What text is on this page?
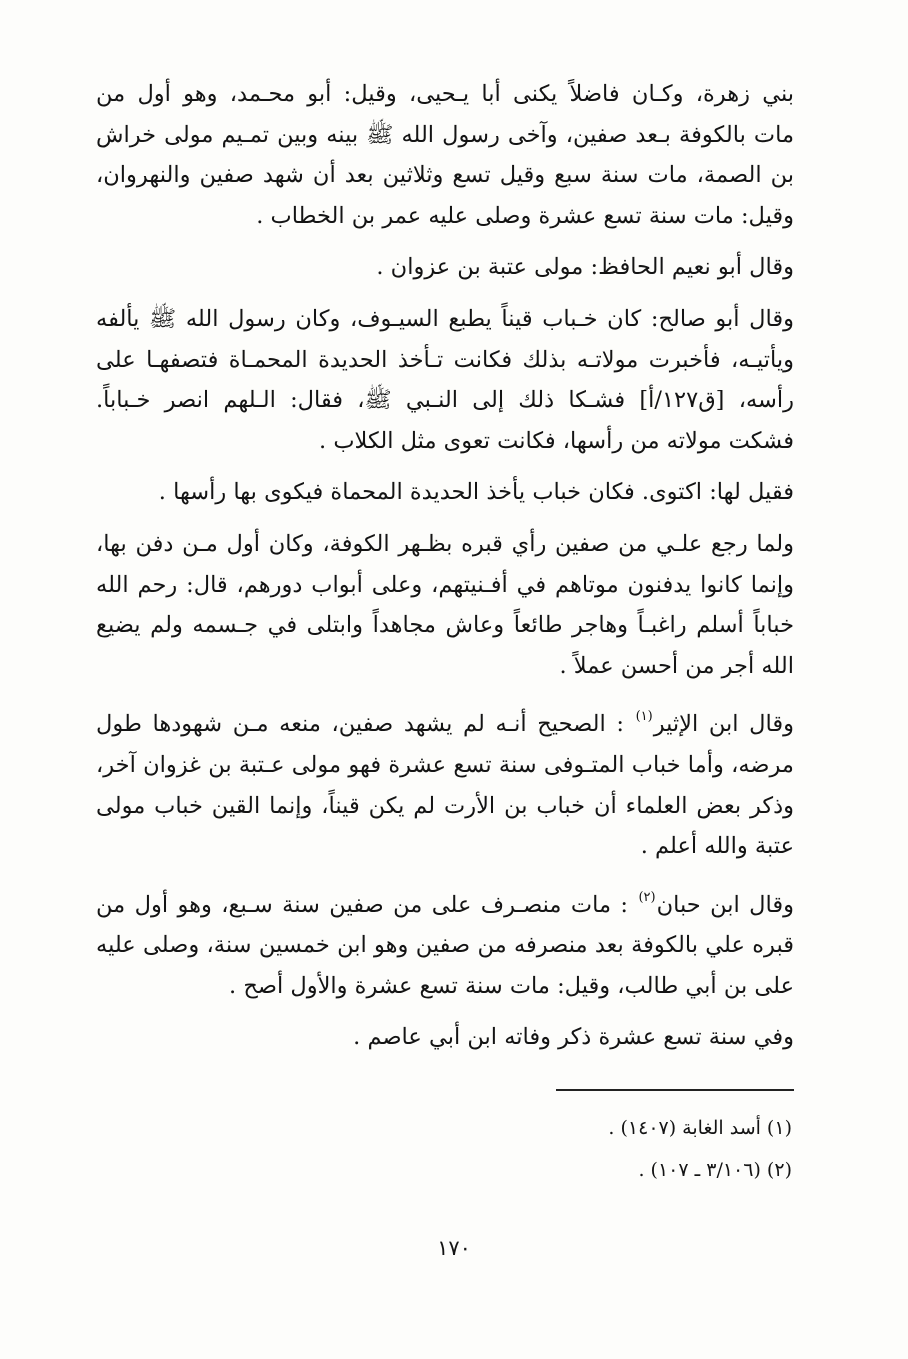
بني زهرة، وكـان فاضلاً يكنى أبا يـحيى، وقيل: أبو محـمد، وهو أول من
مات بالكوفة بـعد صفين، وآخى رسول الله ﷺ بينه وبين تمـيم مولى خراش
بن الصمة، مات سنة سبع وقيل تسع وثلاثين بعد أن شهد صفين والنهروان،
وقيل: مات سنة تسع عشرة وصلى عليه عمر بن الخطاب .

وقال أبو نعيم الحافظ: مولى عتبة بن عزوان .

وقال أبو صالح: كان خـباب قيناً يطبع السيـوف، وكان رسول الله ﷺ يألفه
ويأتيـه، فأخبرت مولاتـه بذلك فكانت تـأخذ الحديدة المحمـاة فتصفهـا على
رأسه، [ق١٢٧/أ] فشـكا ذلك إلى النـبي ﷺ، فقال: الـلهم انصر خـباباً.
فشكت مولاته من رأسها، فكانت تعوى مثل الكلاب .

فقيل لها: اكتوى. فكان خباب يأخذ الحديدة المحماة فيكوى بها رأسها .

ولما رجع علـي من صفين رأي قبره بظـهر الكوفة، وكان أول مـن دفن بها،
وإنما كانوا يدفنون موتاهم في أفـنيتهم، وعلى أبواب دورهم، قال: رحم الله
خباباً أسلم راغبـاً وهاجر طائعاً وعاش مجاهداً وابتلى في جـسمه ولم يضيع
الله أجر من أحسن عملاً .

وقال ابن الإثير$^{(١)}$ : الصحيح أنـه لم يشهد صفين، منعه مـن شهودها طول
مرضه، وأما خباب المتـوفى سنة تسع عشرة فهو مولى عـتبة بن غزوان آخر،
وذكر بعض العلماء أن خباب بن الأرت لم يكن قيناً، وإنما القين خباب مولى
عتبة والله أعلم .

وقال ابن حبان$^{(٢)}$ : مات منصـرف على من صفين سنة سـبع، وهو أول من
قبره علي بالكوفة بعد منصرفه من صفين وهو ابن خمسين سنة، وصلى عليه
على بن أبي طالب، وقيل: مات سنة تسع عشرة والأول أصح .

وفي سنة تسع عشرة ذكر وفاته ابن أبي عاصم .

(١) أسد الغابة (١٤٠٧) .
(٢) (٣/١٠٦ ـ ١٠٧) .
١٧٠
